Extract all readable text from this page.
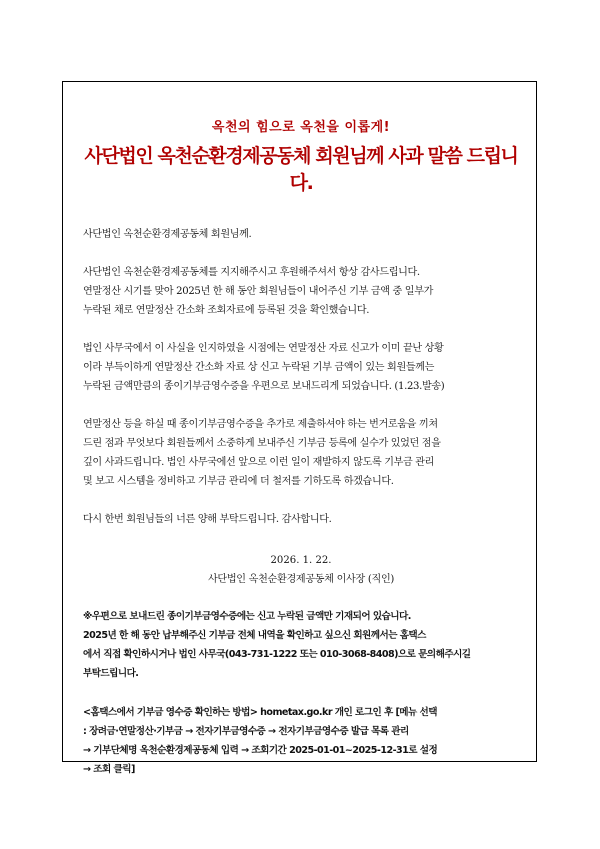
옥천의 힘으로 옥천을 이롭게!
사단법인 옥천순환경제공동체 회원님께 사과 말씀 드립니다.

사단법인 옥천순환경제공동체 회원님께.

사단법인 옥천순환경제공동체를 지지해주시고 후원해주셔서 항상 감사드립니다.
연말정산 시기를 맞아 2025년 한 해 동안 회원님들이 내어주신 기부 금액 중 일부가
누락된 채로 연말정산 간소화 조회자료에 등록된 것을 확인했습니다.

법인 사무국에서 이 사실을 인지하였을 시점에는 연말정산 자료 신고가 이미 끝난 상황
이라 부득이하게 연말정산 간소화 자료 상 신고 누락된 기부 금액이 있는 회원들께는
누락된 금액만큼의 종이기부금영수증을 우편으로 보내드리게 되었습니다. (1.23.발송)

연말정산 등을 하실 때 종이기부금영수증을 추가로 제출하셔야 하는 번거로움을 끼쳐
드린 점과 무엇보다 회원들께서 소중하게 보내주신 기부금 등록에 실수가 있었던 점을
깊이 사과드립니다. 법인 사무국에선 앞으로 이런 일이 재발하지 않도록 기부금 관리
및 보고 시스템을 정비하고 기부금 관리에 더 철저를 기하도록 하겠습니다.

다시 한번 회원님들의 너른 양해 부탁드립니다. 감사합니다.

2026. 1. 22.
사단법인 옥천순환경제공동체 이사장 (직인)
※우편으로 보내드린 종이기부금영수증에는 신고 누락된 금액만 기재되어 있습니다.
2025년 한 해 동안 납부해주신 기부금 전체 내역을 확인하고 싶으신 회원께서는 홈택스
에서 직접 확인하시거나 법인 사무국(043-731-1222 또는 010-3068-8408)으로 문의해주시길
부탁드립니다.
<홈택스에서 기부금 영수증 확인하는 방법> hometax.go.kr 개인 로그인 후 [메뉴 선택
: 장려금·연말정산·기부금 → 전자기부금영수증 → 전자기부금영수증 발급 목록 관리
→ 기부단체명 옥천순환경제공동체 입력 → 조회기간 2025-01-01~2025-12-31로 설정
→ 조회 클릭]
